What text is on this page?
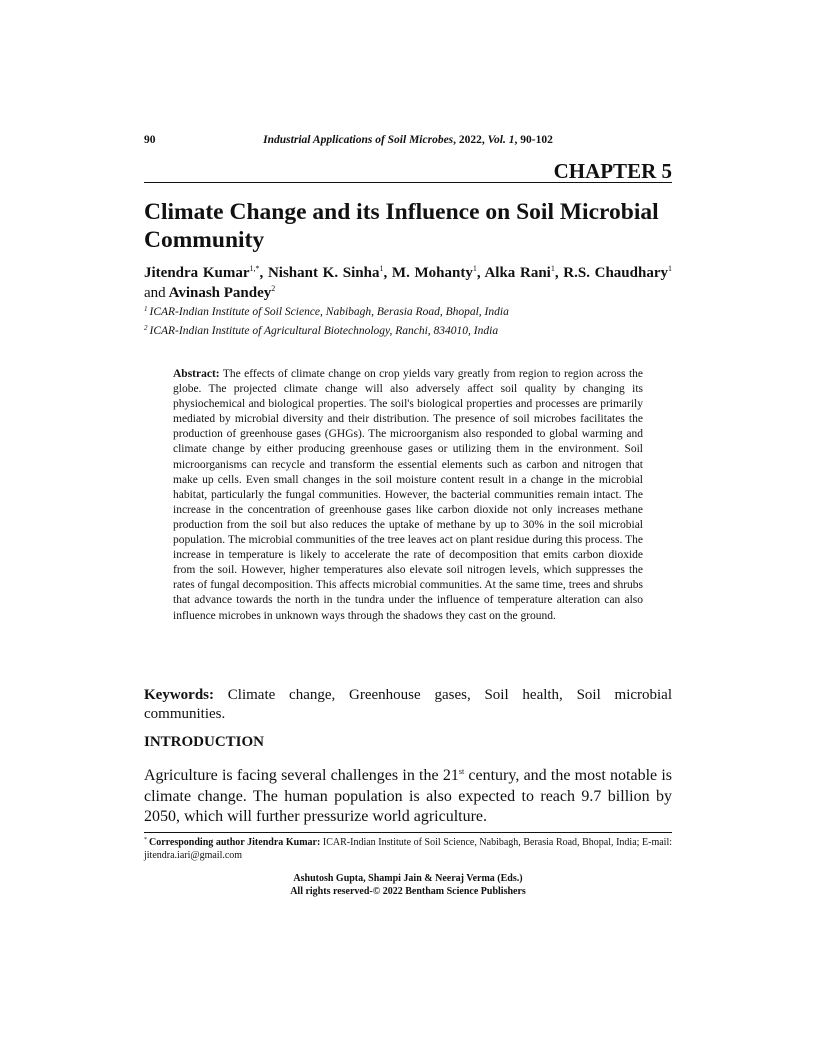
90	Industrial Applications of Soil Microbes, 2022, Vol. 1, 90-102
CHAPTER 5
Climate Change and its Influence on Soil Microbial Community
Jitendra Kumar$^{1,*}$, Nishant K. Sinha$^1$, M. Mohanty$^1$, Alka Rani$^1$, R.S. Chaudhary$^1$ and Avinash Pandey$^2$
$^1$ ICAR-Indian Institute of Soil Science, Nabibagh, Berasia Road, Bhopal, India
$^2$ ICAR-Indian Institute of Agricultural Biotechnology, Ranchi, 834010, India
Abstract: The effects of climate change on crop yields vary greatly from region to region across the globe. The projected climate change will also adversely affect soil quality by changing its physiochemical and biological properties. The soil's biological properties and processes are primarily mediated by microbial diversity and their distribution. The presence of soil microbes facilitates the production of greenhouse gases (GHGs). The microorganism also responded to global warming and climate change by either producing greenhouse gases or utilizing them in the environment. Soil microorganisms can recycle and transform the essential elements such as carbon and nitrogen that make up cells. Even small changes in the soil moisture content result in a change in the microbial habitat, particularly the fungal communities. However, the bacterial communities remain intact. The increase in the concentration of greenhouse gases like carbon dioxide not only increases methane production from the soil but also reduces the uptake of methane by up to 30% in the soil microbial population. The microbial communities of the tree leaves act on plant residue during this process. The increase in temperature is likely to accelerate the rate of decomposition that emits carbon dioxide from the soil. However, higher temperatures also elevate soil nitrogen levels, which suppresses the rates of fungal decomposition. This affects microbial communities. At the same time, trees and shrubs that advance towards the north in the tundra under the influence of temperature alteration can also influence microbes in unknown ways through the shadows they cast on the ground.
Keywords: Climate change, Greenhouse gases, Soil health, Soil microbial communities.
INTRODUCTION
Agriculture is facing several challenges in the 21st century, and the most notable is climate change. The human population is also expected to reach 9.7 billion by 2050, which will further pressurize world agriculture.
* Corresponding author Jitendra Kumar: ICAR-Indian Institute of Soil Science, Nabibagh, Berasia Road, Bhopal, India; E-mail: jitendra.iari@gmail.com
Ashutosh Gupta, Shampi Jain & Neeraj Verma (Eds.)
All rights reserved-© 2022 Bentham Science Publishers
